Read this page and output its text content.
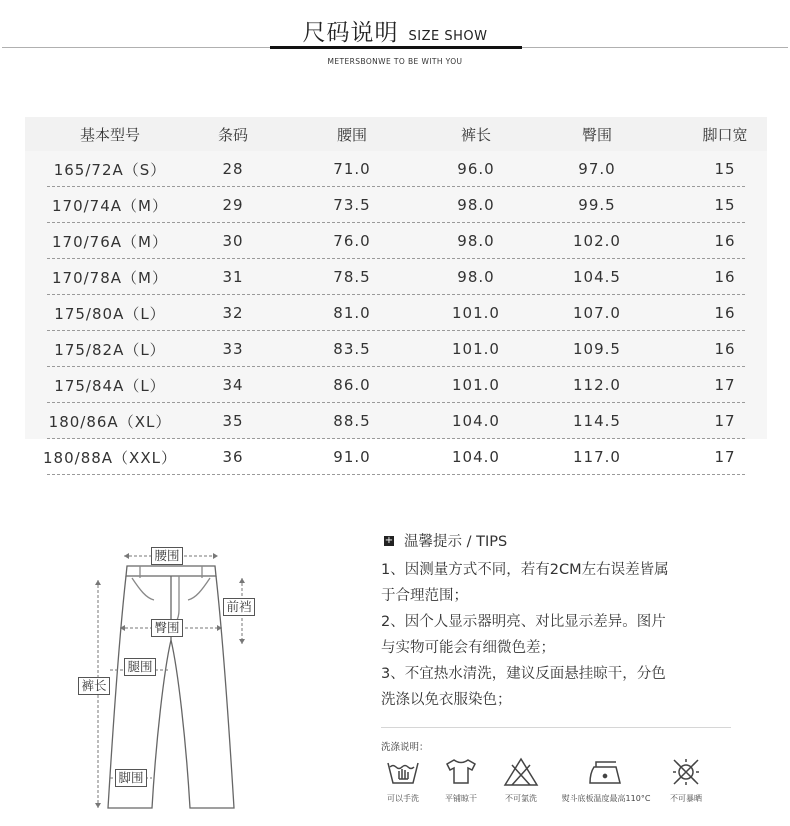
尺码说明 SIZE SHOW
METERSBONWE TO BE WITH YOU
基本型号	条码	腰围	裤长	臀围	脚口宽
165/72A（S）	28	71.0	96.0	97.0	15
170/74A（M）	29	73.5	98.0	99.5	15
170/76A（M）	30	76.0	98.0	102.0	16
170/78A（M）	31	78.5	98.0	104.5	16
175/80A（L）	32	81.0	101.0	107.0	16
175/82A（L）	33	83.5	101.0	109.5	16
175/84A（L）	34	86.0	101.0	112.0	17
180/86A（XL）	35	88.5	104.0	114.5	17
180/88A（XXL）	36	91.0	104.0	117.0	17
腰围
前裆
臀围
腿围
裤长
脚围
+ 温馨提示 / TIPS
1、因测量方式不同，若有2CM左右误差皆属
于合理范围；
2、因个人显示器明亮、对比显示差异。图片
与实物可能会有细微色差；
3、不宜热水清洗，建议反面悬挂晾干，分色
洗涤以免衣服染色；
洗涤说明：
可以手洗	平铺晾干	不可氯洗	熨斗底板温度最高110°C	不可暴晒
